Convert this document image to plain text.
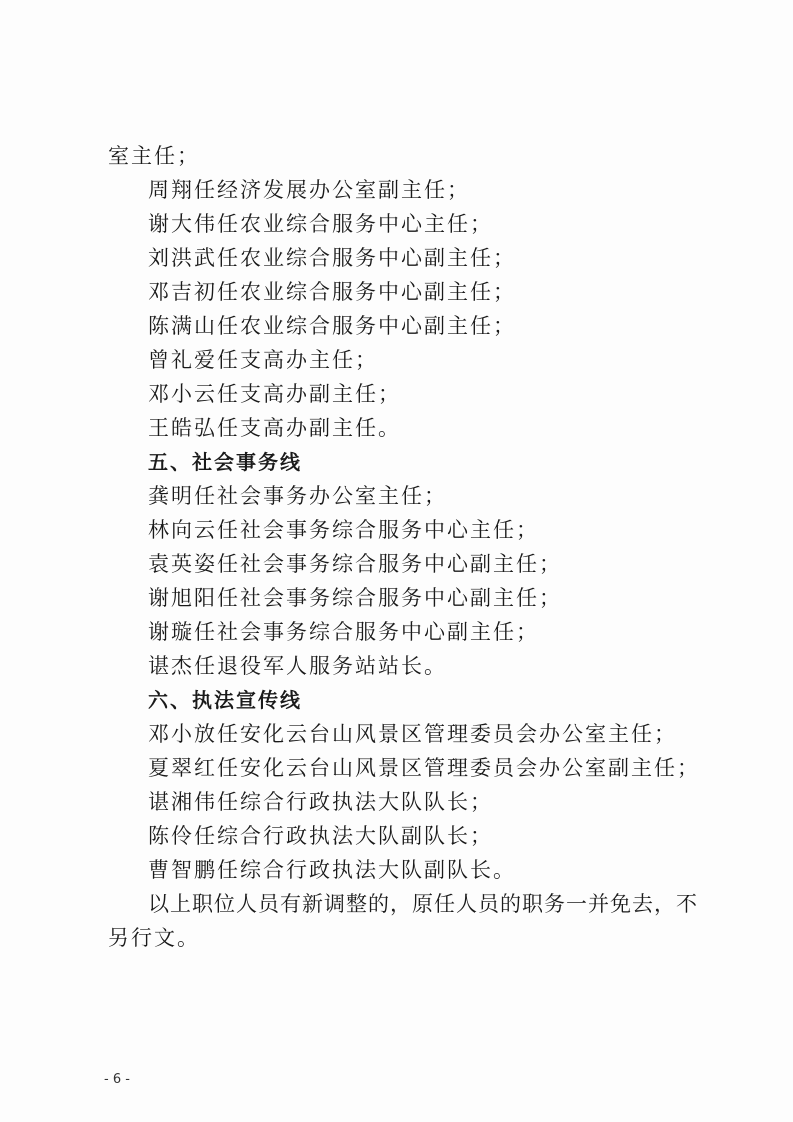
室主任；
周翔任经济发展办公室副主任；
谢大伟任农业综合服务中心主任；
刘洪武任农业综合服务中心副主任；
邓吉初任农业综合服务中心副主任；
陈满山任农业综合服务中心副主任；
曾礼爱任支高办主任；
邓小云任支高办副主任；
王皓弘任支高办副主任。
五、社会事务线
龚明任社会事务办公室主任；
林向云任社会事务综合服务中心主任；
袁英姿任社会事务综合服务中心副主任；
谢旭阳任社会事务综合服务中心副主任；
谢璇任社会事务综合服务中心副主任；
谌杰任退役军人服务站站长。
六、执法宣传线
邓小放任安化云台山风景区管理委员会办公室主任；
夏翠红任安化云台山风景区管理委员会办公室副主任；
谌湘伟任综合行政执法大队队长；
陈伶任综合行政执法大队副队长；
曹智鹏任综合行政执法大队副队长。
以上职位人员有新调整的，原任人员的职务一并免去，不
另行文。
- 6 -
